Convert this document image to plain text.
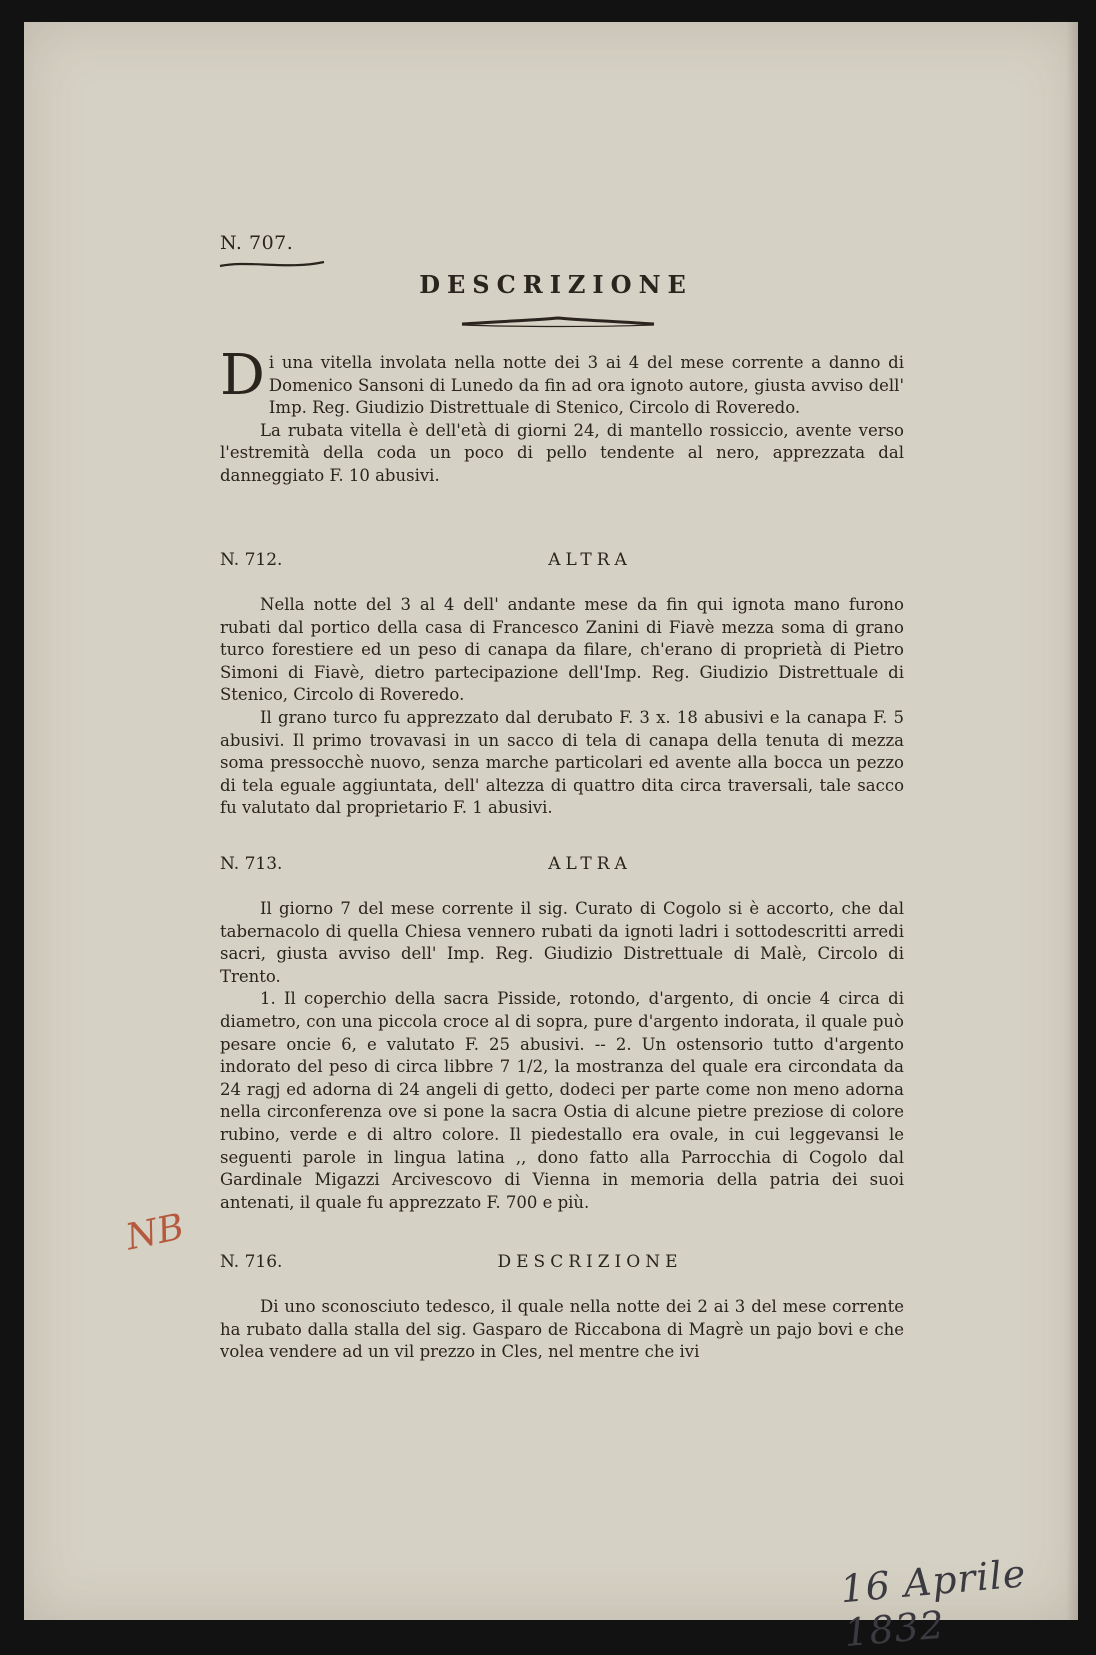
N. 707.
DESCRIZIONE

Di una vitella involata nella notte dei 3 ai 4 del mese corrente a danno di Domenico Sansoni di Lunedo da fin ad ora ignoto autore, giusta avviso dell' Imp. Reg. Giudizio Distrettuale di Stenico, Circolo di Roveredo.

La rubata vitella è dell'età di giorni 24, di mantello rossiccio, avente verso l'estremità della coda un poco di pello tendente al nero, apprezzata dal danneggiato F. 10 abusivi.

N. 712.	ALTRA

Nella notte del 3 al 4 dell' andante mese da fin qui ignota mano furono rubati dal portico della casa di Francesco Zanini di Fiavè mezza soma di grano turco forestiere ed un peso di canapa da filare, ch'erano di proprietà di Pietro Simoni di Fiavè, dietro partecipazione dell'Imp. Reg. Giudizio Distrettuale di Stenico, Circolo di Roveredo.

Il grano turco fu apprezzato dal derubato F. 3 x. 18 abusivi e la canapa F. 5 abusivi. Il primo trovavasi in un sacco di tela di canapa della tenuta di mezza soma pressocchè nuovo, senza marche particolari ed avente alla bocca un pezzo di tela eguale aggiuntata, dell' altezza di quattro dita circa traversali, tale sacco fu valutato dal proprietario F. 1 abusivi.

N. 713.	ALTRA

Il giorno 7 del mese corrente il sig. Curato di Cogolo si è accorto, che dal tabernacolo di quella Chiesa vennero rubati da ignoti ladri i sottodescritti arredi sacri, giusta avviso dell' Imp. Reg. Giudizio Distrettuale di Malè, Circolo di Trento.

1. Il coperchio della sacra Pisside, rotondo, d'argento, di oncie 4 circa di diametro, con una piccola croce al di sopra, pure d'argento indorata, il quale può pesare oncie 6, e valutato F. 25 abusivi. -- 2. Un ostensorio tutto d'argento indorato del peso di circa libbre 7 1/2, la mostranza del quale era circondata da 24 ragj ed adorna di 24 angeli di getto, dodeci per parte come non meno adorna nella circonferenza ove si pone la sacra Ostia di alcune pietre preziose di colore rubino, verde e di altro colore. Il piedestallo era ovale, in cui leggevansi le seguenti parole in lingua latina ,, dono fatto alla Parrocchia di Cogolo dal Gardinale Migazzi Arcivescovo di Vienna in memoria della patria dei suoi antenati, il quale fu apprezzato F. 700 e più.

N. 716.	DESCRIZIONE

Di uno sconosciuto tedesco, il quale nella notte dei 2 ai 3 del mese corrente ha rubato dalla stalla del sig. Gasparo de Riccabona di Magrè un pajo bovi e che volea vendere ad un vil prezzo in Cles, nel mentre che ivi

NB
16 Aprile 1832
